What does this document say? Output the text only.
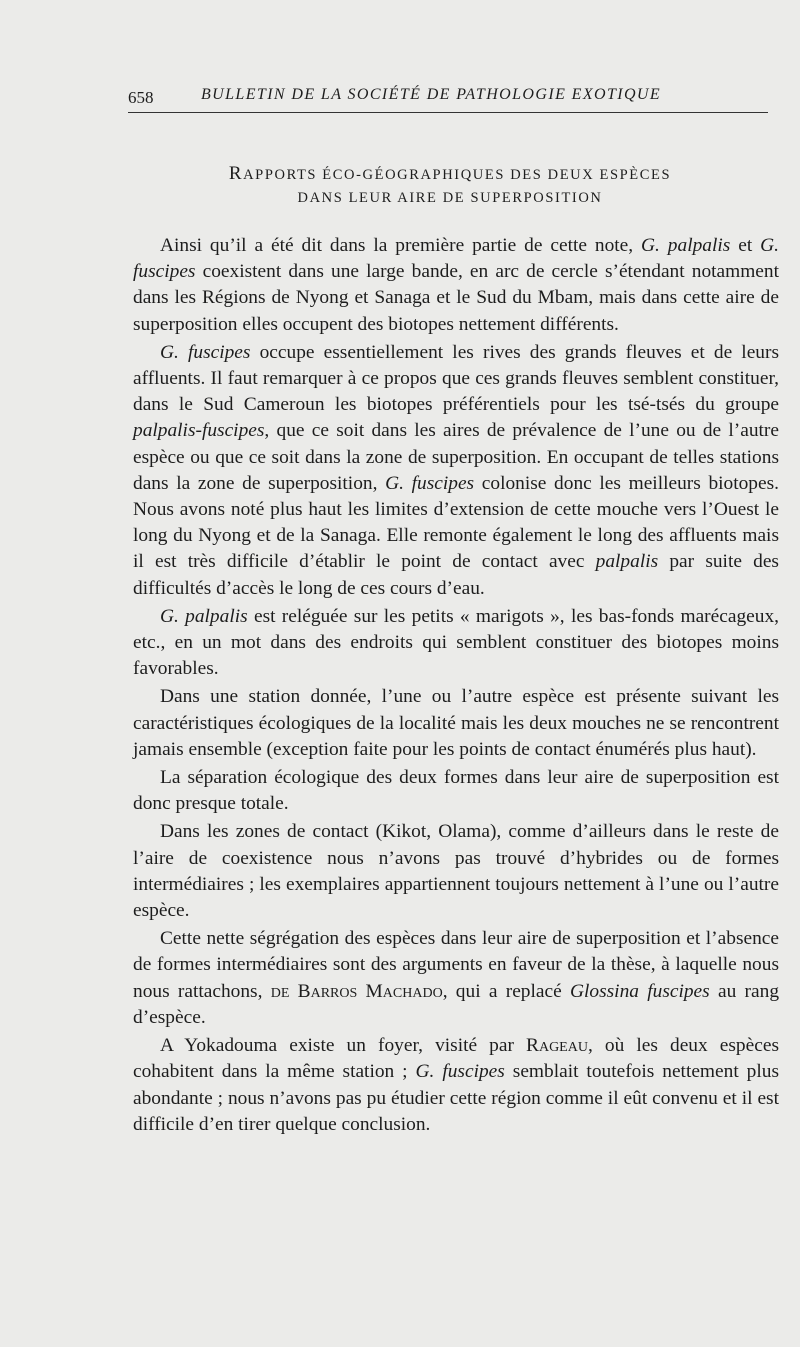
658	BULLETIN DE LA SOCIÉTÉ DE PATHOLOGIE EXOTIQUE
RAPPORTS ÉCO-GÉOGRAPHIQUES DES DEUX ESPÈCES
DANS LEUR AIRE DE SUPERPOSITION

Ainsi qu’il a été dit dans la première partie de cette note, G. palpalis et G. fuscipes coexistent dans une large bande, en arc de cercle s’étendant notamment dans les Régions de Nyong et Sanaga et le Sud du Mbam, mais dans cette aire de superposition elles occupent des biotopes nettement différents.

G. fuscipes occupe essentiellement les rives des grands fleuves et de leurs affluents. Il faut remarquer à ce propos que ces grands fleuves semblent constituer, dans le Sud Cameroun les biotopes préférentiels pour les tsé-tsés du groupe palpalis-fuscipes, que ce soit dans les aires de prévalence de l’une ou de l’autre espèce ou que ce soit dans la zone de superposition. En occupant de telles stations dans la zone de superposition, G. fuscipes colonise donc les meilleurs biotopes. Nous avons noté plus haut les limites d’extension de cette mouche vers l’Ouest le long du Nyong et de la Sanaga. Elle remonte également le long des affluents mais il est très difficile d’établir le point de contact avec palpalis par suite des difficultés d’accès le long de ces cours d’eau.

G. palpalis est reléguée sur les petits « marigots », les bas-fonds marécageux, etc., en un mot dans des endroits qui semblent constituer des biotopes moins favorables.

Dans une station donnée, l’une ou l’autre espèce est présente suivant les caractéristiques écologiques de la localité mais les deux mouches ne se rencontrent jamais ensemble (exception faite pour les points de contact énumérés plus haut).

La séparation écologique des deux formes dans leur aire de superposition est donc presque totale.

Dans les zones de contact (Kikot, Olama), comme d’ailleurs dans le reste de l’aire de coexistence nous n’avons pas trouvé d’hybrides ou de formes intermédiaires ; les exemplaires appartiennent toujours nettement à l’une ou l’autre espèce.

Cette nette ségrégation des espèces dans leur aire de superposition et l’absence de formes intermédiaires sont des arguments en faveur de la thèse, à laquelle nous nous rattachons, de Barros Machado, qui a replacé Glossina fuscipes au rang d’espèce.

A Yokadouma existe un foyer, visité par Rageau, où les deux espèces cohabitent dans la même station ; G. fuscipes semblait toutefois nettement plus abondante ; nous n’avons pas pu étudier cette région comme il eût convenu et il est difficile d’en tirer quelque conclusion.
